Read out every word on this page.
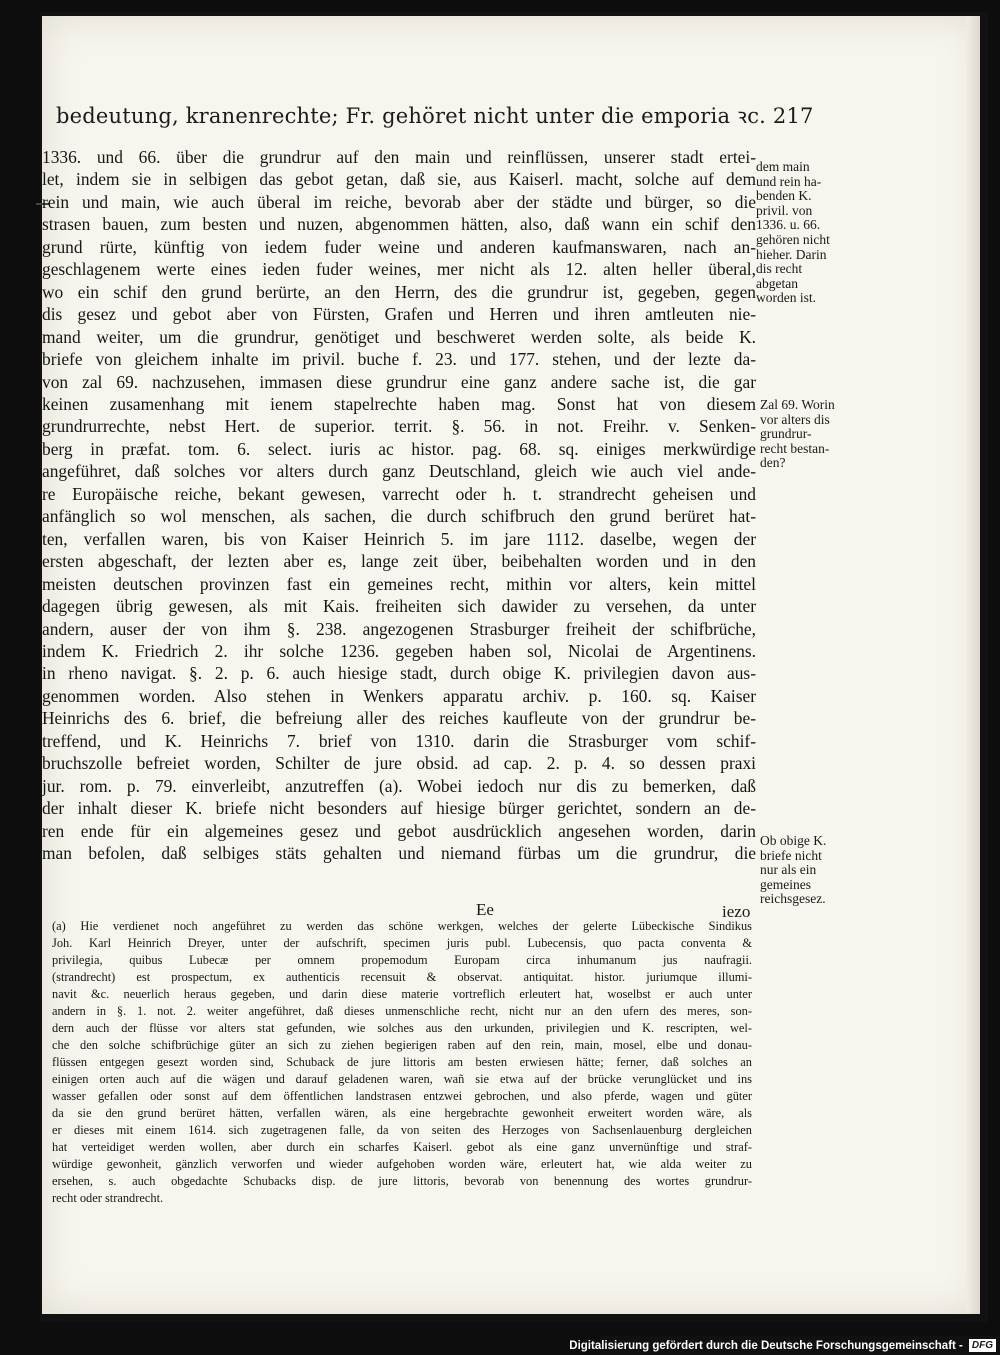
bedeutung, kranenrechte; Fr. gehöret nicht unter die emporia ꝛc. 217
1336. und 66. über die grundrur auf den main und reinflüssen, unserer stadt ertei-
let, indem sie in selbigen das gebot getan, daß sie, aus Kaiserl. macht, solche auf dem
rein und main, wie auch überal im reiche, bevorab aber der städte und bürger, so die
strasen bauen, zum besten und nuzen, abgenommen hätten, also, daß wann ein schif den
grund rürte, künftig von iedem fuder weine und anderen kaufmanswaren, nach an-
geschlagenem werte eines ieden fuder weines, mer nicht als 12. alten heller überal,
wo ein schif den grund berürte, an den Herrn, des die grundrur ist, gegeben, gegen
dis gesez und gebot aber von Fürsten, Grafen und Herren und ihren amtleuten nie-
mand weiter, um die grundrur, genötiget und beschweret werden solte, als beide K.
briefe von gleichem inhalte im privil. buche f. 23. und 177. stehen, und der lezte da-
von zal 69. nachzusehen, immasen diese grundrur eine ganz andere sache ist, die gar
keinen zusamenhang mit ienem stapelrechte haben mag. Sonst hat von diesem
grundrurrechte, nebst Hert. de superior. territ. §. 56. in not. Freihr. v. Senken-
berg in præfat. tom. 6. select. iuris ac histor. pag. 68. sq. einiges merkwürdige
angeführet, daß solches vor alters durch ganz Deutschland, gleich wie auch viel ande-
re Europäische reiche, bekant gewesen, varrecht oder h. t. strandrecht geheisen und
anfänglich so wol menschen, als sachen, die durch schifbruch den grund berüret hat-
ten, verfallen waren, bis von Kaiser Heinrich 5. im jare 1112. daselbe, wegen der
ersten abgeschaft, der lezten aber es, lange zeit über, beibehalten worden und in den
meisten deutschen provinzen fast ein gemeines recht, mithin vor alters, kein mittel
dagegen übrig gewesen, als mit Kais. freiheiten sich dawider zu versehen, da unter
andern, auser der von ihm §. 238. angezogenen Strasburger freiheit der schifbrüche,
indem K. Friedrich 2. ihr solche 1236. gegeben haben sol, Nicolai de Argentinens.
in rheno navigat. §. 2. p. 6. auch hiesige stadt, durch obige K. privilegien davon aus-
genommen worden. Also stehen in Wenkers apparatu archiv. p. 160. sq. Kaiser
Heinrichs des 6. brief, die befreiung aller des reiches kaufleute von der grundrur be-
treffend, und K. Heinrichs 7. brief von 1310. darin die Strasburger vom schif-
bruchszolle befreiet worden, Schilter de jure obsid. ad cap. 2. p. 4. so dessen praxi
jur. rom. p. 79. einverleibt, anzutreffen (a). Wobei iedoch nur dis zu bemerken, daß
der inhalt dieser K. briefe nicht besonders auf hiesige bürger gerichtet, sondern an de-
ren ende für ein algemeines gesez und gebot ausdrücklich angesehen worden, darin
man befolen, daß selbiges stäts gehalten und niemand fürbas um die grundrur, die
dem main und rein ha- benden K. privil. von 1336. u. 66. gehören nicht hieher. Darin dis recht abgetan worden ist.
Zal 69. Worin vor alters dis grundrur- recht bestan- den?
Ob obige K. briefe nicht nur als ein gemeines reichsgesez.
Ee	iezo
(a) Hie verdienet noch angeführet zu werden das schöne werkgen, welches der gelerte Lübeckische Sindikus
Joh. Karl Heinrich Dreyer, unter der aufschrift, specimen juris publ. Lubecensis, quo pacta conventa &
privilegia, quibus Lubecæ per omnem propemodum Europam circa inhumanum jus naufragii.
(strandrecht) est prospectum, ex authenticis recensuit & observat. antiquitat. histor. juriumque illumi-
navit &c. neuerlich heraus gegeben, und darin diese materie vortreflich erleutert hat, woselbst er auch unter
andern in §. 1. not. 2. weiter angeführet, daß dieses unmenschliche recht, nicht nur an den ufern des meres, son-
dern auch der flüsse vor alters stat gefunden, wie solches aus den urkunden, privilegien und K. rescripten, wel-
che den solche schifbrüchige güter an sich zu ziehen begierigen raben auf den rein, main, mosel, elbe und donau-
flüssen entgegen gesezt worden sind, Schuback de jure littoris am besten erwiesen hätte; ferner, daß solches an
einigen orten auch auf die wägen und darauf geladenen waren, wañ sie etwa auf der brücke verunglücket und ins
wasser gefallen oder sonst auf dem öffentlichen landstrasen entzwei gebrochen, und also pferde, wagen und güter
da sie den grund berüret hätten, verfallen wären, als eine hergebrachte gewonheit erweitert worden wäre, als
er dieses mit einem 1614. sich zugetragenen falle, da von seiten des Herzoges von Sachsenlauenburg dergleichen
hat verteidiget werden wollen, aber durch ein scharfes Kaiserl. gebot als eine ganz unvernünftige und straf-
würdige gewonheit, gänzlich verworfen und wieder aufgehoben worden wäre, erleutert hat, wie alda weiter zu
ersehen, s. auch obgedachte Schubacks disp. de jure littoris, bevorab von benennung des wortes grundrur-
recht oder strandrecht.
Digitalisierung gefördert durch die Deutsche Forschungsgemeinschaft - DFG
